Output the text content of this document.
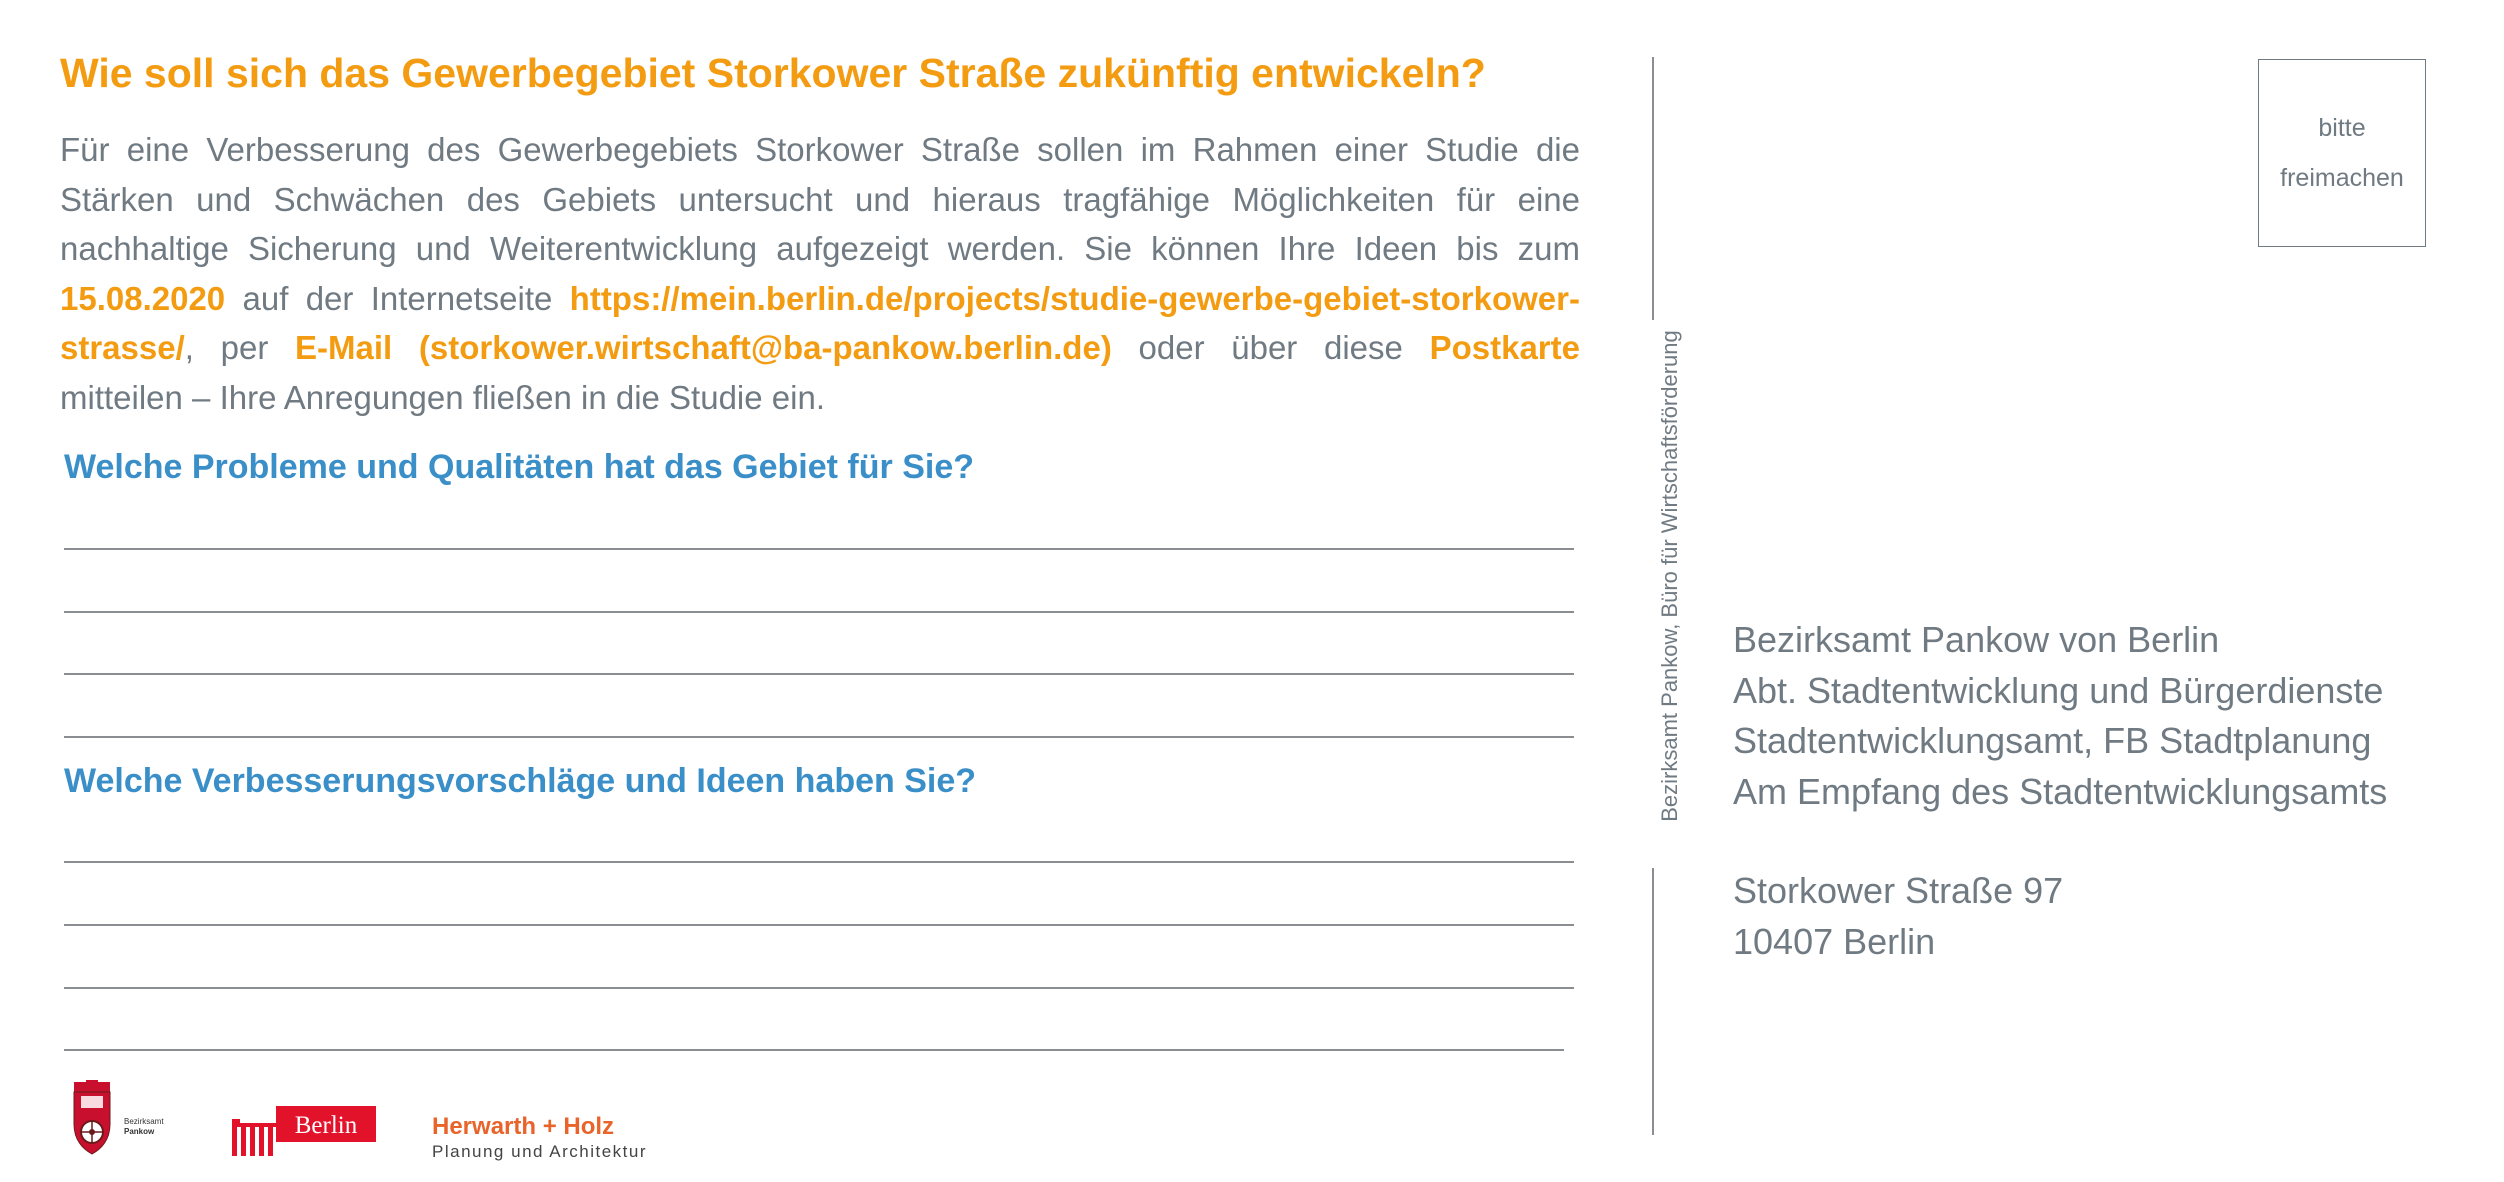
Wie soll sich das Gewerbegebiet Storkower Straße zukünftig entwickeln?

Für eine Verbesserung des Gewerbegebiets Storkower Straße sollen im Rahmen einer Studie die Stärken und Schwächen des Gebiets untersucht und hieraus tragfähige Möglichkeiten für eine nachhaltige Sicherung und Weiterentwicklung aufgezeigt werden. Sie können Ihre Ideen bis zum 15.08.2020 auf der Internetseite https://mein.berlin.de/projects/studie-gewerbe-gebiet-storkower-strasse/, per E-Mail (storkower.wirtschaft@ba-pankow.berlin.de) oder über diese Postkarte mitteilen – Ihre Anregungen fließen in die Studie ein.

Welche Probleme und Qualitäten hat das Gebiet für Sie?
Welche Verbesserungsvorschläge und Ideen haben Sie?
Bezirksamt
Pankow	Berlin	Herwarth + Holz
Planung und Architektur
Bezirksamt Pankow, Büro für Wirtschaftsförderung
bitte
freimachen
Bezirksamt Pankow von Berlin
Abt. Stadtentwicklung und Bürgerdienste
Stadtentwicklungsamt, FB Stadtplanung
Am Empfang des Stadtentwicklungsamts
Storkower Straße 97
10407 Berlin
